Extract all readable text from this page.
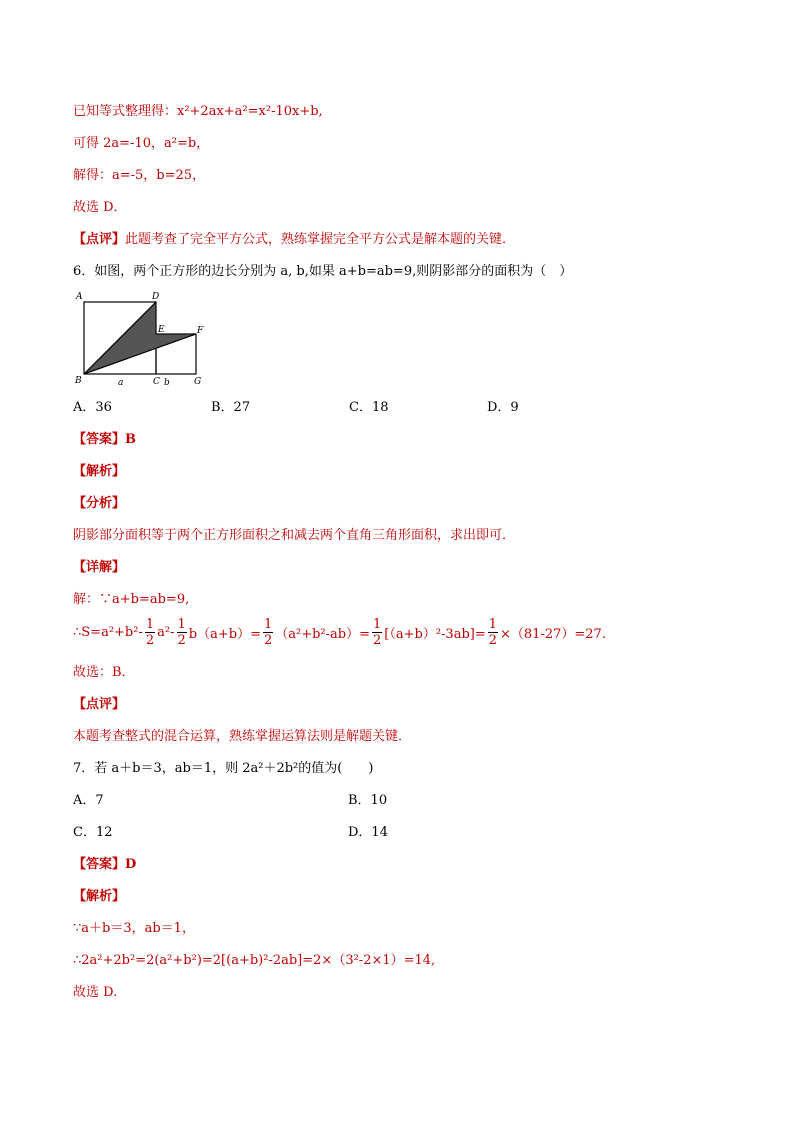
已知等式整理得：x²+2ax+a²=x²-10x+b,
可得 2a=-10，a²=b，
解得：a=-5，b=25，
故选 D．
【点评】此题考查了完全平方公式，熟练掌握完全平方公式是解本题的关键．
6．如图，两个正方形的边长分别为 a, b,如果 a+b=ab=9,则阴影部分的面积为（　）
A	D
E	F
B	C	G
a	b
A．36	B．27	C．18	D．9
【答案】B
【解析】
【分析】
阴影部分面积等于两个正方形面积之和减去两个直角三角形面积，求出即可．
【详解】
解：∵a+b=ab=9,
∴S=a²+b²- $\frac{1}{2} a^2- \frac{1}{2} b(a+b)= \frac{1}{2} (a^2+b^2-ab)= \frac{1}{2} [(a+b)^2-3ab]= \frac{1}{2} \times(81-27)=27$.
故选：B．
【点评】
本题考查整式的混合运算，熟练掌握运算法则是解题关键．
7．若 a＋b＝3，ab＝1，则 2a²＋2b²的值为(　　)
A．7	B．10
C．12	D．14
【答案】D
【解析】
∵a＋b＝3，ab＝1，
∴2a²+2b²=2(a²+b²)=2[(a+b)²-2ab]=2×（3²-2×1）=14,
故选 D.
